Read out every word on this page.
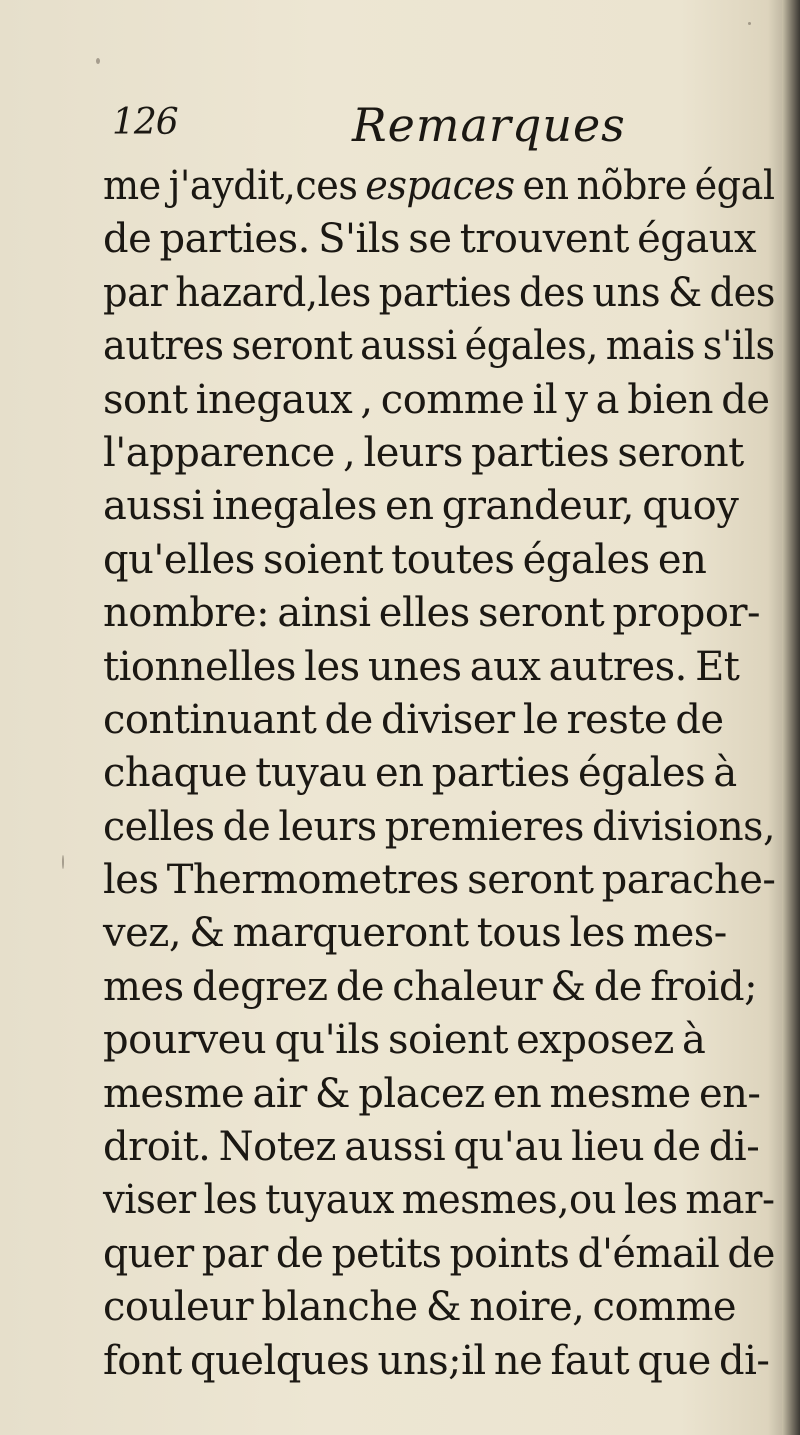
126	Remarques
me j'aydit,ces espaces en nõbre égal
de parties. S'ils se trouvent égaux
par hazard,les parties des uns & des
autres seront aussi égales, mais s'ils
sont inegaux , comme il y a bien de
l'apparence , leurs parties seront
aussi inegales en grandeur, quoy
qu'elles soient toutes égales en
nombre: ainsi elles seront propor-
tionnelles les unes aux autres. Et
continuant de diviser le reste de
chaque tuyau en parties égales à
celles de leurs premieres divisions,
les Thermometres seront parache-
vez, & marqueront tous les mes-
mes degrez de chaleur & de froid;
pourveu qu'ils soient exposez à
mesme air & placez en mesme en-
droit. Notez aussi qu'au lieu de di-
viser les tuyaux mesmes,ou les mar-
quer par de petits points d'émail de
couleur blanche & noire, comme
font quelques uns;il ne faut que di-
